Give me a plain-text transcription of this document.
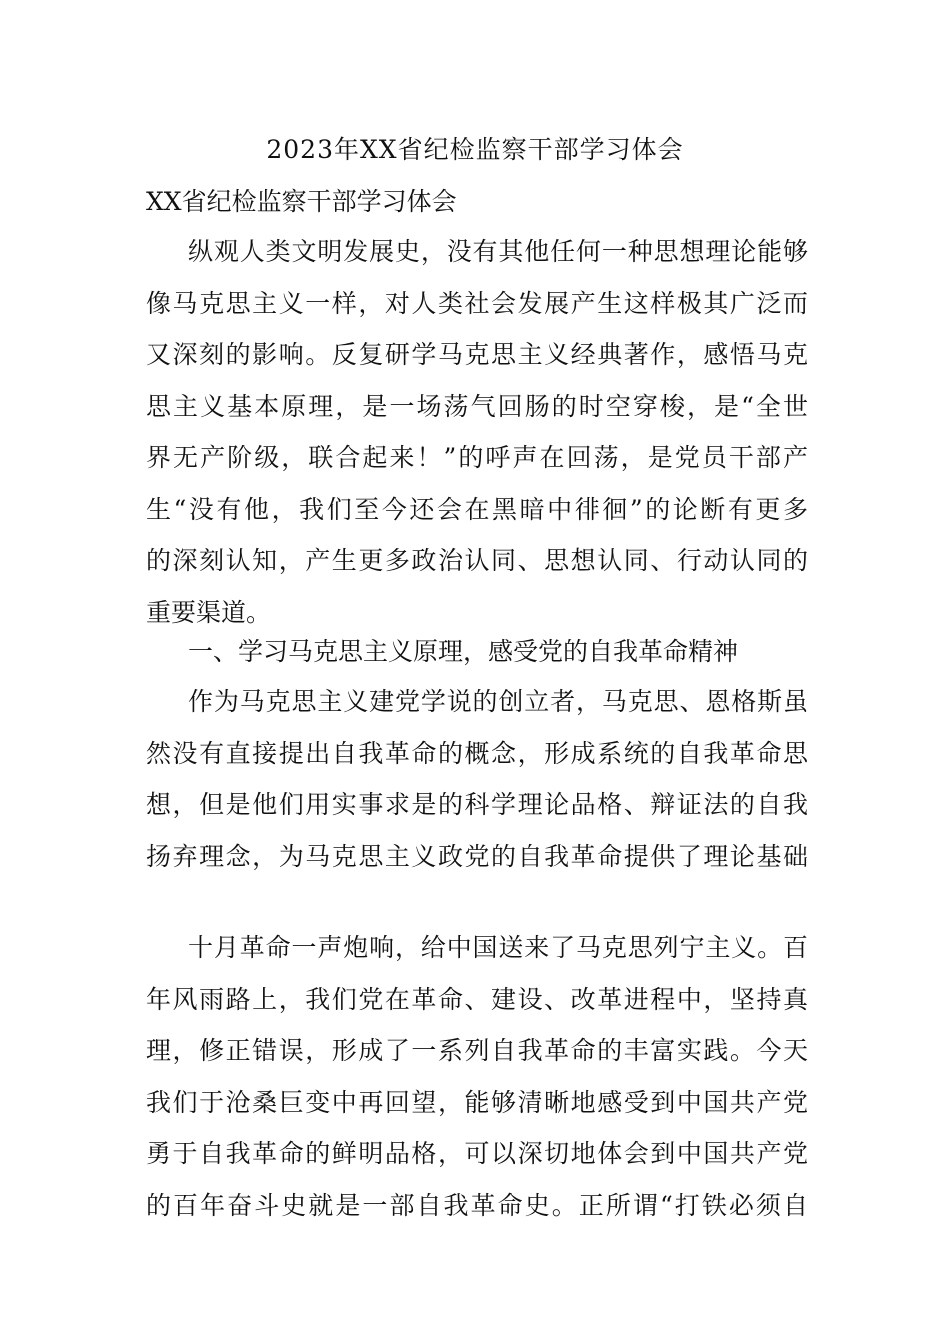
2023年XX省纪检监察干部学习体会
XX省纪检监察干部学习体会
纵观人类文明发展史，没有其他任何一种思想理论能够
像马克思主义一样，对人类社会发展产生这样极其广泛而
又深刻的影响。反复研学马克思主义经典著作，感悟马克
思主义基本原理，是一场荡气回肠的时空穿梭，是“全世
界无产阶级，联合起来！”的呼声在回荡，是党员干部产
生“没有他，我们至今还会在黑暗中徘徊”的论断有更多
的深刻认知，产生更多政治认同、思想认同、行动认同的
重要渠道。
一、学习马克思主义原理，感受党的自我革命精神
作为马克思主义建党学说的创立者，马克思、恩格斯虽
然没有直接提出自我革命的概念，形成系统的自我革命思
想，但是他们用实事求是的科学理论品格、辩证法的自我
扬弃理念，为马克思主义政党的自我革命提供了理论基础
十月革命一声炮响，给中国送来了马克思列宁主义。百
年风雨路上，我们党在革命、建设、改革进程中，坚持真
理，修正错误，形成了一系列自我革命的丰富实践。今天
我们于沧桑巨变中再回望，能够清晰地感受到中国共产党
勇于自我革命的鲜明品格，可以深切地体会到中国共产党
的百年奋斗史就是一部自我革命史。正所谓“打铁必须自
